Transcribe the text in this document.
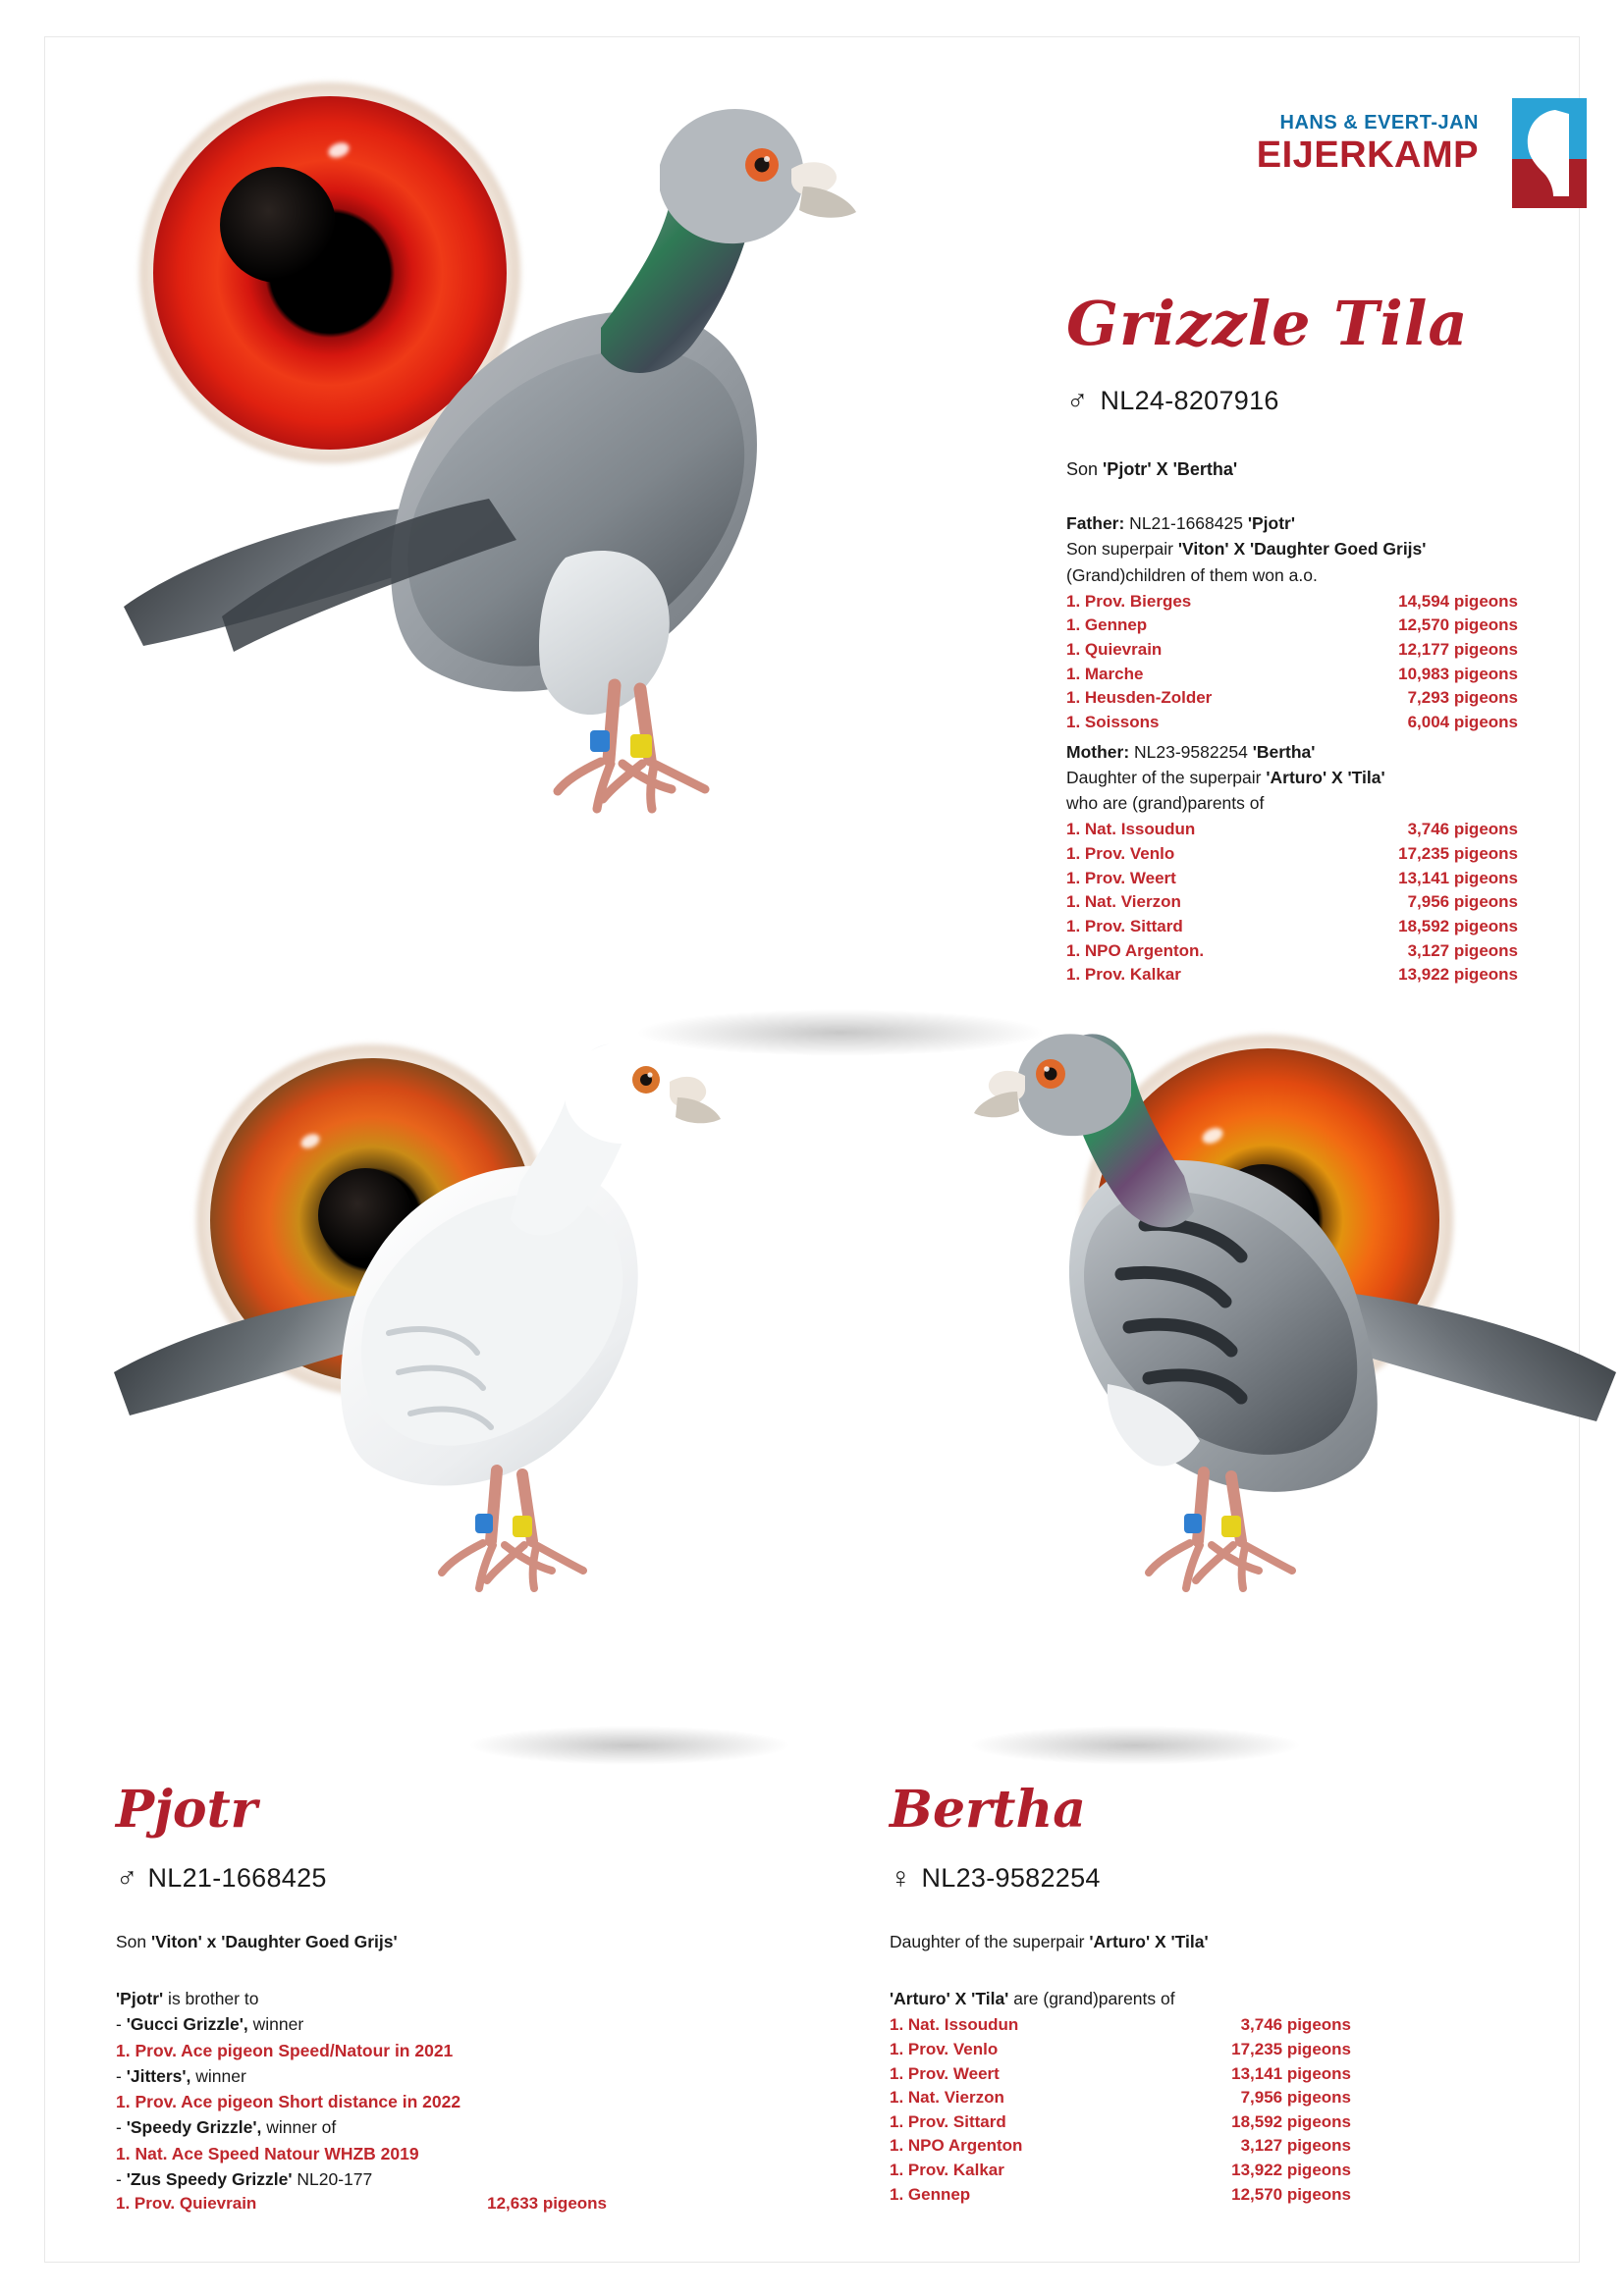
HANS & EVERT-JAN
EIJERKAMP
Grizzle Tila
♂ NL24-8207916
Son 'Pjotr' X 'Bertha'
Father: NL21-1668425 'Pjotr'
Son superpair 'Viton' X 'Daughter Goed Grijs'
(Grand)children of them won a.o.
1. Prov. Bierges	14,594 pigeons
1. Gennep	12,570 pigeons
1. Quievrain	12,177 pigeons
1. Marche	10,983 pigeons
1. Heusden-Zolder	7,293 pigeons
1. Soissons	6,004 pigeons
Mother: NL23-9582254 'Bertha'
Daughter of the superpair 'Arturo' X 'Tila'
who are (grand)parents of
1. Nat. Issoudun	3,746 pigeons
1. Prov. Venlo	17,235 pigeons
1. Prov. Weert	13,141 pigeons
1. Nat. Vierzon	7,956 pigeons
1. Prov. Sittard	18,592 pigeons
1. NPO Argenton.	3,127 pigeons
1. Prov. Kalkar	13,922 pigeons
Pjotr
♂ NL21-1668425
Son 'Viton' x 'Daughter Goed Grijs'
'Pjotr' is brother to
- 'Gucci Grizzle', winner
1. Prov. Ace pigeon Speed/Natour in 2021
- 'Jitters', winner
1. Prov. Ace pigeon Short distance in 2022
- 'Speedy Grizzle', winner of
1. Nat. Ace Speed Natour WHZB 2019
- 'Zus Speedy Grizzle' NL20-177
1. Prov. Quievrain	12,633 pigeons
Bertha
♀ NL23-9582254
Daughter of the superpair 'Arturo' X 'Tila'
'Arturo' X 'Tila' are (grand)parents of
1. Nat. Issoudun	3,746 pigeons
1. Prov. Venlo	17,235 pigeons
1. Prov. Weert	13,141 pigeons
1. Nat. Vierzon	7,956 pigeons
1. Prov. Sittard	18,592 pigeons
1. NPO Argenton	3,127 pigeons
1. Prov. Kalkar	13,922 pigeons
1. Gennep	12,570 pigeons
